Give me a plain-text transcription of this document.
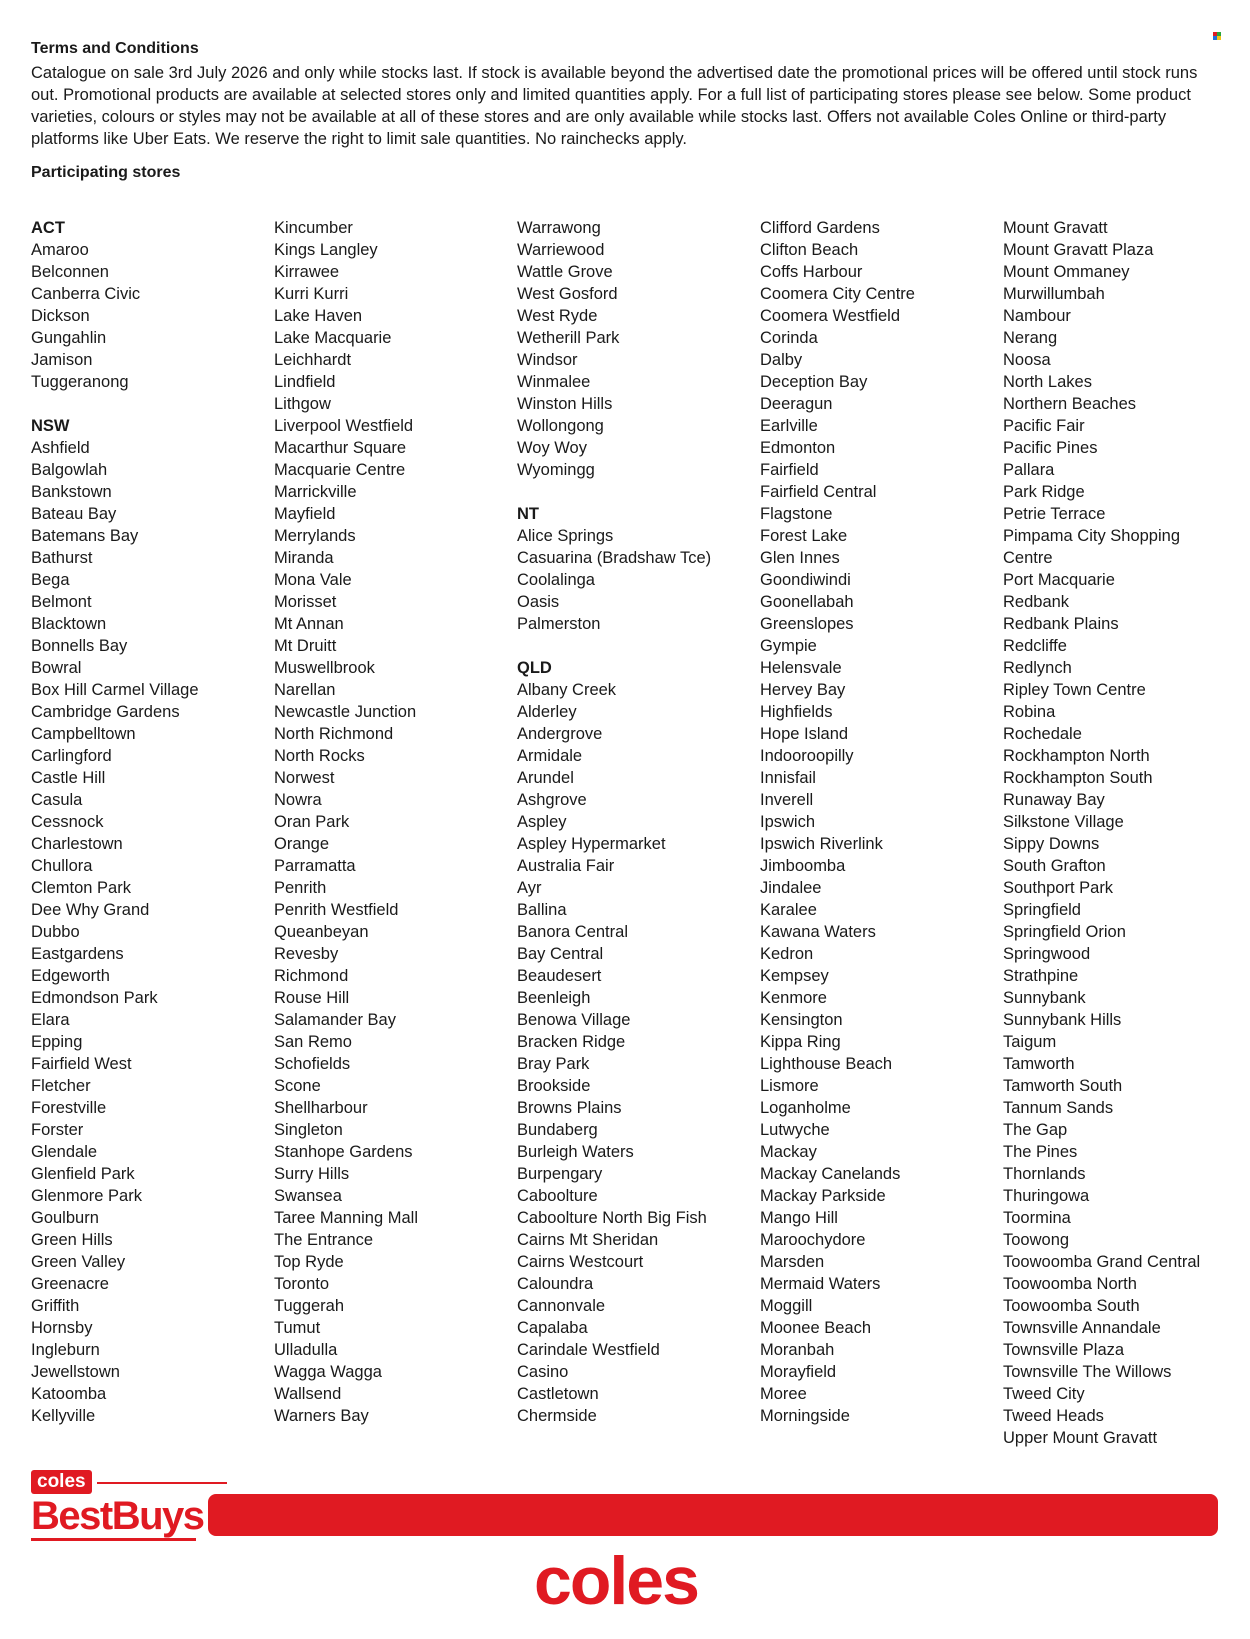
Terms and Conditions

Catalogue on sale 3rd July 2026 and only while stocks last. If stock is available beyond the advertised date the promotional prices will be offered until stock runs out. Promotional products are available at selected stores only and limited quantities apply. For a full list of participating stores please see below. Some product varieties, colours or styles may not be available at all of these stores and are only available while stocks last. Offers not available Coles Online or third-party platforms like Uber Eats. We reserve the right to limit sale quantities. No rainchecks apply.

Participating stores
ACT
Amaroo
Belconnen
Canberra Civic
Dickson
Gungahlin
Jamison
Tuggeranong
NSW
Ashfield
Balgowlah
Bankstown
Bateau Bay
Batemans Bay
Bathurst
Bega
Belmont
Blacktown
Bonnells Bay
Bowral
Box Hill Carmel Village
Cambridge Gardens
Campbelltown
Carlingford
Castle Hill
Casula
Cessnock
Charlestown
Chullora
Clemton Park
Dee Why Grand
Dubbo
Eastgardens
Edgeworth
Edmondson Park
Elara
Epping
Fairfield West
Fletcher
Forestville
Forster
Glendale
Glenfield Park
Glenmore Park
Goulburn
Green Hills
Green Valley
Greenacre
Griffith
Hornsby
Ingleburn
Jewellstown
Katoomba
Kellyville
Kincumber
Kings Langley
Kirrawee
Kurri Kurri
Lake Haven
Lake Macquarie
Leichhardt
Lindfield
Lithgow
Liverpool Westfield
Macarthur Square
Macquarie Centre
Marrickville
Mayfield
Merrylands
Miranda
Mona Vale
Morisset
Mt Annan
Mt Druitt
Muswellbrook
Narellan
Newcastle Junction
North Richmond
North Rocks
Norwest
Nowra
Oran Park
Orange
Parramatta
Penrith
Penrith Westfield
Queanbeyan
Revesby
Richmond
Rouse Hill
Salamander Bay
San Remo
Schofields
Scone
Shellharbour
Singleton
Stanhope Gardens
Surry Hills
Swansea
Taree Manning Mall
The Entrance
Top Ryde
Toronto
Tuggerah
Tumut
Ulladulla
Wagga Wagga
Wallsend
Warners Bay
Warrawong
Warriewood
Wattle Grove
West Gosford
West Ryde
Wetherill Park
Windsor
Winmalee
Winston Hills
Wollongong
Woy Woy
Wyomingg
NT
Alice Springs
Casuarina (Bradshaw Tce)
Coolalinga
Oasis
Palmerston
QLD
Albany Creek
Alderley
Andergrove
Armidale
Arundel
Ashgrove
Aspley
Aspley Hypermarket
Australia Fair
Ayr
Ballina
Banora Central
Bay Central
Beaudesert
Beenleigh
Benowa Village
Bracken Ridge
Bray Park
Brookside
Browns Plains
Bundaberg
Burleigh Waters
Burpengary
Caboolture
Caboolture North Big Fish
Cairns Mt Sheridan
Cairns Westcourt
Caloundra
Cannonvale
Capalaba
Carindale Westfield
Casino
Castletown
Chermside
Clifford Gardens
Clifton Beach
Coffs Harbour
Coomera City Centre
Coomera Westfield
Corinda
Dalby
Deception Bay
Deeragun
Earlville
Edmonton
Fairfield
Fairfield Central
Flagstone
Forest Lake
Glen Innes
Goondiwindi
Goonellabah
Greenslopes
Gympie
Helensvale
Hervey Bay
Highfields
Hope Island
Indooroopilly
Innisfail
Inverell
Ipswich
Ipswich Riverlink
Jimboomba
Jindalee
Karalee
Kawana Waters
Kedron
Kempsey
Kenmore
Kensington
Kippa Ring
Lighthouse Beach
Lismore
Loganholme
Lutwyche
Mackay
Mackay Canelands
Mackay Parkside
Mango Hill
Maroochydore
Marsden
Mermaid Waters
Moggill
Moonee Beach
Moranbah
Morayfield
Moree
Morningside
Mount Gravatt
Mount Gravatt Plaza
Mount Ommaney
Murwillumbah
Nambour
Nerang
Noosa
North Lakes
Northern Beaches
Pacific Fair
Pacific Pines
Pallara
Park Ridge
Petrie Terrace
Pimpama City Shopping Centre
Port Macquarie
Redbank
Redbank Plains
Redcliffe
Redlynch
Ripley Town Centre
Robina
Rochedale
Rockhampton North
Rockhampton South
Runaway Bay
Silkstone Village
Sippy Downs
South Grafton
Southport Park
Springfield
Springfield Orion
Springwood
Strathpine
Sunnybank
Sunnybank Hills
Taigum
Tamworth
Tamworth South
Tannum Sands
The Gap
The Pines
Thornlands
Thuringowa
Toormina
Toowong
Toowoomba Grand Central
Toowoomba North
Toowoomba South
Townsville Annandale
Townsville Plaza
Townsville The Willows
Tweed City
Tweed Heads
Upper Mount Gravatt
coles
BestBuys
coles
